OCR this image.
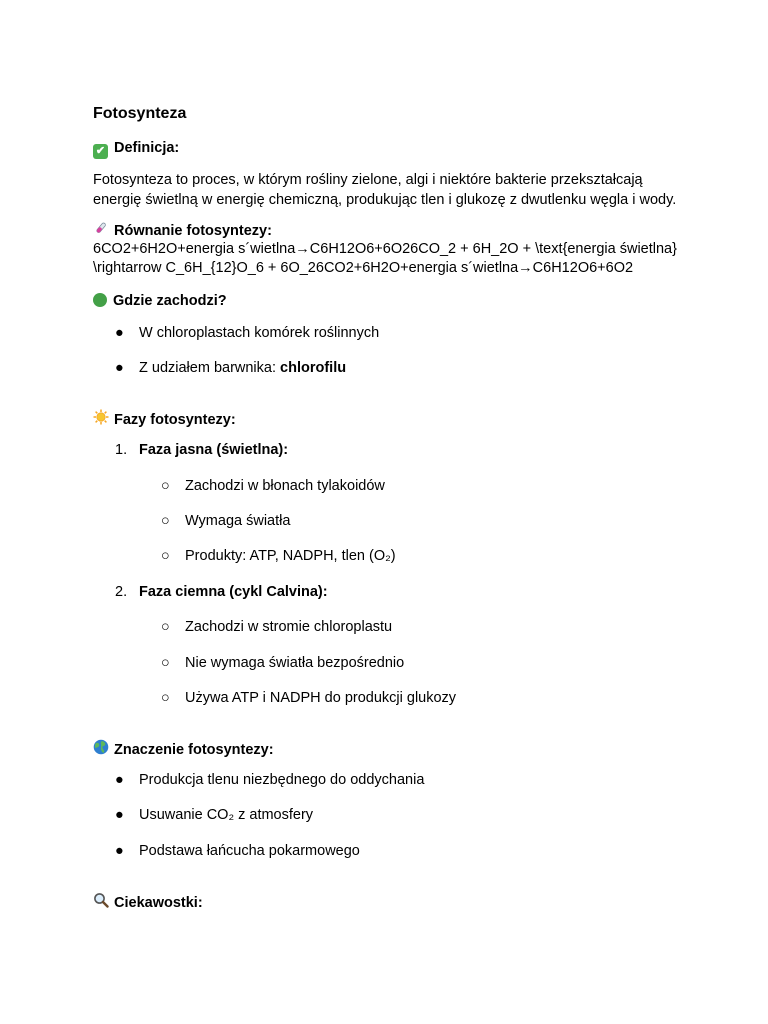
Fotosynteza
✔ Definicja:

Fotosynteza to proces, w którym rośliny zielone, algi i niektóre bakterie przekształcają energię świetlną w energię chemiczną, produkując tlen i glukozę z dwutlenku węgla i wody.

Równanie fotosyntezy:
6CO2+6H2O+energia s´wietlna→C6H12O6+6O26CO_2 + 6H_2O + \text{energia świetlna}
\rightarrow C_6H_{12}O_6 + 6O_26CO2+6H2O+energia s´wietlna→C6H12O6+6O2
Gdzie zachodzi?
● W chloroplastach komórek roślinnych
● Z udziałem barwnika: chlorofilu
Fazy fotosyntezy:
1. Faza jasna (świetlna):
○ Zachodzi w błonach tylakoidów
○ Wymaga światła
○ Produkty: ATP, NADPH, tlen (O₂)
2. Faza ciemna (cykl Calvina):
○ Zachodzi w stromie chloroplastu
○ Nie wymaga światła bezpośrednio
○ Używa ATP i NADPH do produkcji glukozy
Znaczenie fotosyntezy:
● Produkcja tlenu niezbędnego do oddychania
● Usuwanie CO₂ z atmosfery
● Podstawa łańcucha pokarmowego
Ciekawostki:
